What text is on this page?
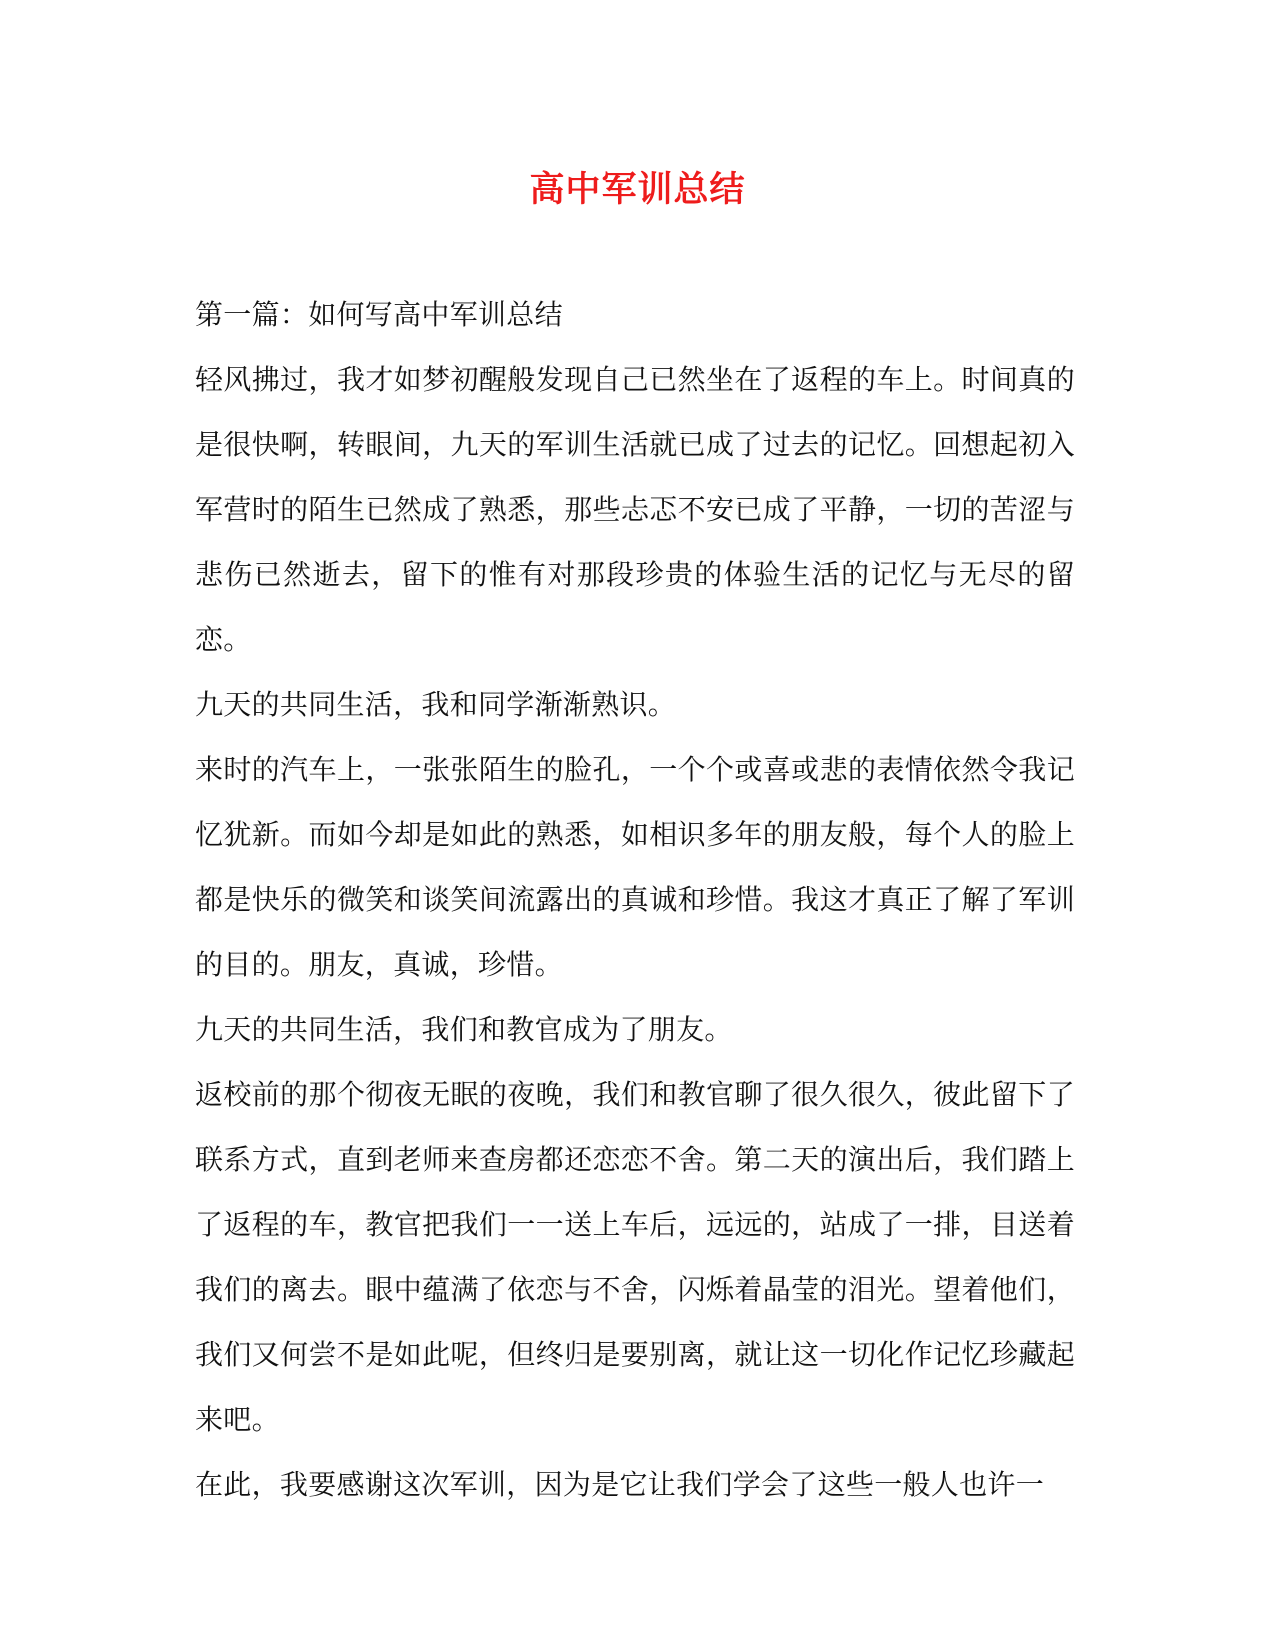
高中军训总结

第一篇：如何写高中军训总结

轻风拂过，我才如梦初醒般发现自己已然坐在了返程的车上。时间真的是很快啊，转眼间，九天的军训生活就已成了过去的记忆。回想起初入军营时的陌生已然成了熟悉，那些忐忑不安已成了平静，一切的苦涩与悲伤已然逝去，留下的惟有对那段珍贵的体验生活的记忆与无尽的留恋。

九天的共同生活，我和同学渐渐熟识。

来时的汽车上，一张张陌生的脸孔，一个个或喜或悲的表情依然令我记忆犹新。而如今却是如此的熟悉，如相识多年的朋友般，每个人的脸上都是快乐的微笑和谈笑间流露出的真诚和珍惜。我这才真正了解了军训的目的。朋友，真诚，珍惜。

九天的共同生活，我们和教官成为了朋友。

返校前的那个彻夜无眠的夜晚，我们和教官聊了很久很久，彼此留下了联系方式，直到老师来查房都还恋恋不舍。第二天的演出后，我们踏上了返程的车，教官把我们一一送上车后，远远的，站成了一排，目送着我们的离去。眼中蕴满了依恋与不舍，闪烁着晶莹的泪光。望着他们，我们又何尝不是如此呢，但终归是要别离，就让这一切化作记忆珍藏起来吧。

在此，我要感谢这次军训，因为是它让我们学会了这些一般人也许一
